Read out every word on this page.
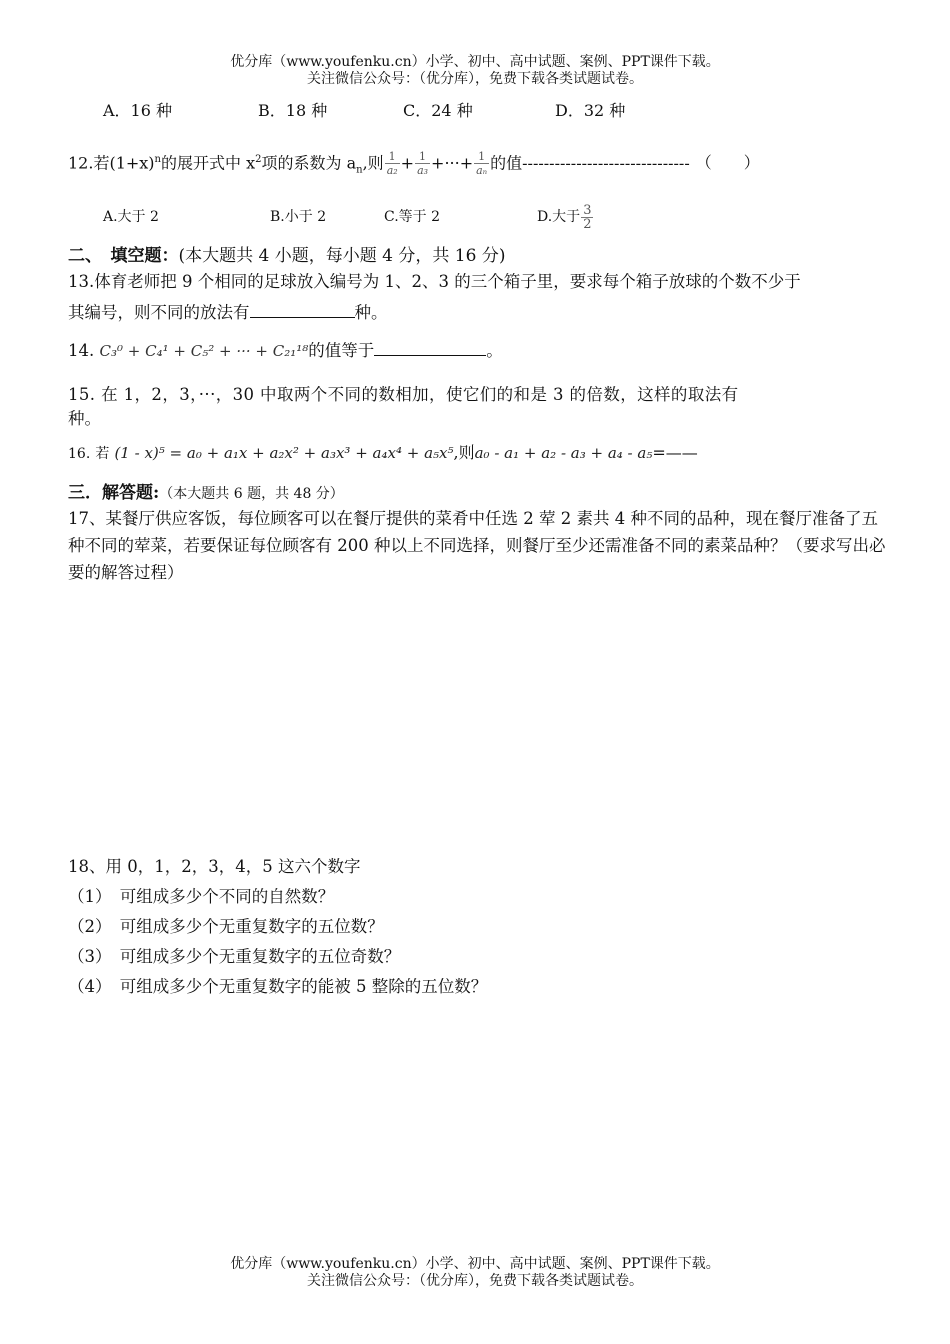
优分库（www.youfenku.cn）小学、初中、高中试题、案例、PPT课件下载。
关注微信公众号：（优分库），免费下载各类试题试卷。
A．16 种	B．18 种	C．24 种	D．32 种
12.若$(1+x)^n$的展开式中 $x^2$项的系数为 $a_n$,则 $\frac{1}{\text{a₂}} + \frac{1}{\text{a₃}}$ +···+ $\frac{1}{\text{aₙ}}$ 的值------------------------------- （　　）
A.大于 2	B.小于 2	C.等于 2	D.大于 $\frac{3}{2}$
二、　填空题：(本大题共 4 小题，每小题 4 分，共 16 分)
13.体育老师把 9 个相同的足球放入编号为 1、2、3 的三个箱子里，要求每个箱子放球的个数不少于
其编号，则不同的放法有	种。
14. C₃⁰ + C₄¹ + C₅² + ··· + C₂₁¹⁸的值等于	。
15. 在 1，2，3，···，30 中取两个不同的数相加，使它们的和是 3 的倍数，这样的取法有
种。
16. 若 (1 - x)⁵ = a₀ + a₁x + a₂x² + a₃x³ + a₄x⁴ + a₅x⁵,则a₀ - a₁ + a₂ - a₃ + a₄ - a₅=——
三．解答题:（本大题共 6 题，共 48 分）
17、某餐厅供应客饭，每位顾客可以在餐厅提供的菜肴中任选 2 荤 2 素共 4 种不同的品种，现在餐厅准备了五种不同的荤菜，若要保证每位顾客有 200 种以上不同选择，则餐厅至少还需准备不同的素菜品种？（要求写出必要的解答过程）
18、用 0，1，2，3，4，5 这六个数字
（1）　可组成多少个不同的自然数？
（2）　可组成多少个无重复数字的五位数？
（3）　可组成多少个无重复数字的五位奇数？
（4）　可组成多少个无重复数字的能被 5 整除的五位数？
优分库（www.youfenku.cn）小学、初中、高中试题、案例、PPT课件下载。
关注微信公众号：（优分库），免费下载各类试题试卷。
